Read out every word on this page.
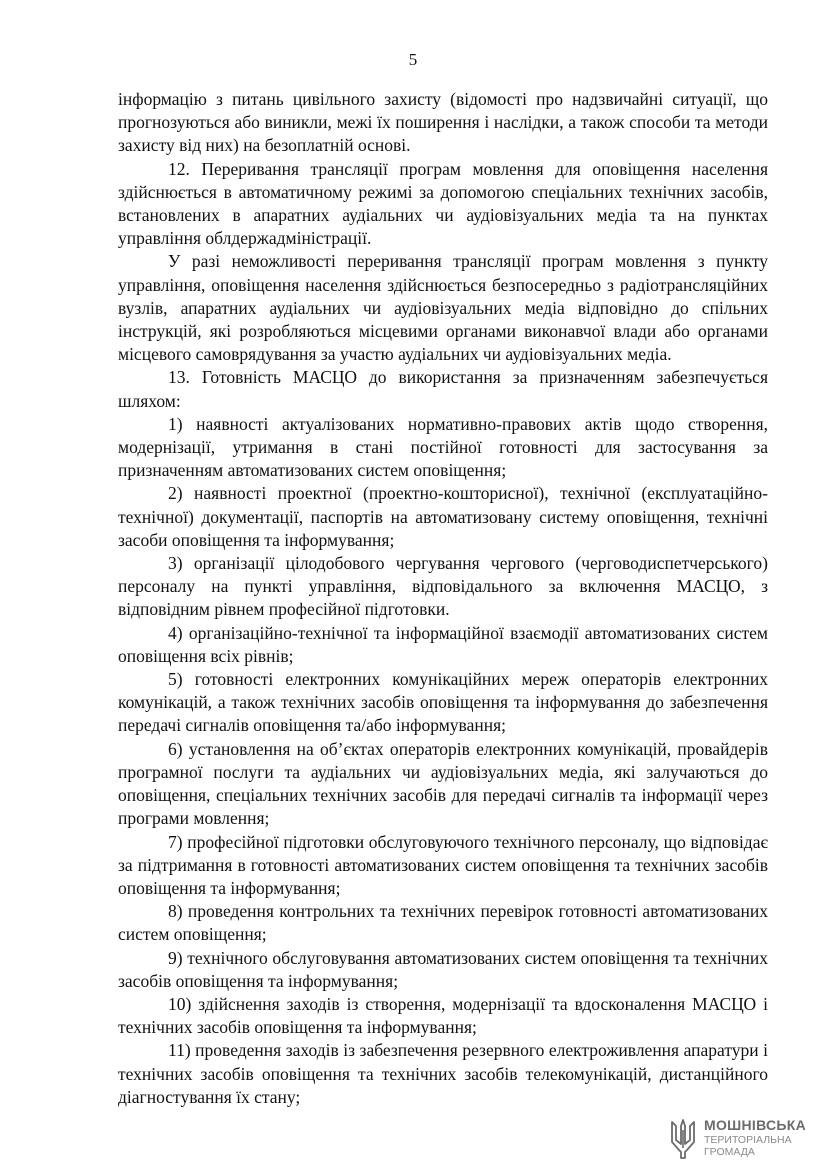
5

інформацію з питань цивільного захисту (відомості про надзвичайні ситуації, що прогнозуються або виникли, межі їх поширення і наслідки, а також способи та методи захисту від них) на безоплатній основі.

12. Переривання трансляції програм мовлення для оповіщення населення здійснюється в автоматичному режимі за допомогою спеціальних технічних засобів, встановлених в апаратних аудіальних чи аудіовізуальних медіа та на пунктах управління облдержадміністрації.

У разі неможливості переривання трансляції програм мовлення з пункту управління, оповіщення населення здійснюється безпосередньо з радіотрансляційних вузлів, апаратних аудіальних чи аудіовізуальних медіа відповідно до спільних інструкцій, які розробляються місцевими органами виконавчої влади або органами місцевого самоврядування за участю аудіальних чи аудіовізуальних медіа.

13. Готовність МАСЦО до використання за призначенням забезпечується шляхом:

1) наявності актуалізованих нормативно-правових актів щодо створення, модернізації, утримання в стані постійної готовності для застосування за призначенням автоматизованих систем оповіщення;

2) наявності проектної (проектно-кошторисної), технічної (експлуатаційно-технічної) документації, паспортів на автоматизовану систему оповіщення, технічні засоби оповіщення та інформування;

3) організації цілодобового чергування чергового (черговодиспетчерського) персоналу на пункті управління, відповідального за включення МАСЦО, з відповідним рівнем професійної підготовки.

4) організаційно-технічної та інформаційної взаємодії автоматизованих систем оповіщення всіх рівнів;

5) готовності електронних комунікаційних мереж операторів електронних комунікацій, а також технічних засобів оповіщення та інформування до забезпечення передачі сигналів оповіщення та/або інформування;

6) установлення на об’єктах операторів електронних комунікацій, провайдерів програмної послуги та аудіальних чи аудіовізуальних медіа, які залучаються до оповіщення, спеціальних технічних засобів для передачі сигналів та інформації через програми мовлення;

7) професійної підготовки обслуговуючого технічного персоналу, що відповідає за підтримання в готовності автоматизованих систем оповіщення та технічних засобів оповіщення та інформування;

8) проведення контрольних та технічних перевірок готовності автоматизованих систем оповіщення;

9) технічного обслуговування автоматизованих систем оповіщення та технічних засобів оповіщення та інформування;

10) здійснення заходів із створення, модернізації та вдосконалення МАСЦО і технічних засобів оповіщення та інформування;

11) проведення заходів із забезпечення резервного електроживлення апаратури і технічних засобів оповіщення та технічних засобів телекомунікацій, дистанційного діагностування їх стану;

МОШНІВСЬКА
ТЕРИТОРІАЛЬНА
ГРОМАДА
